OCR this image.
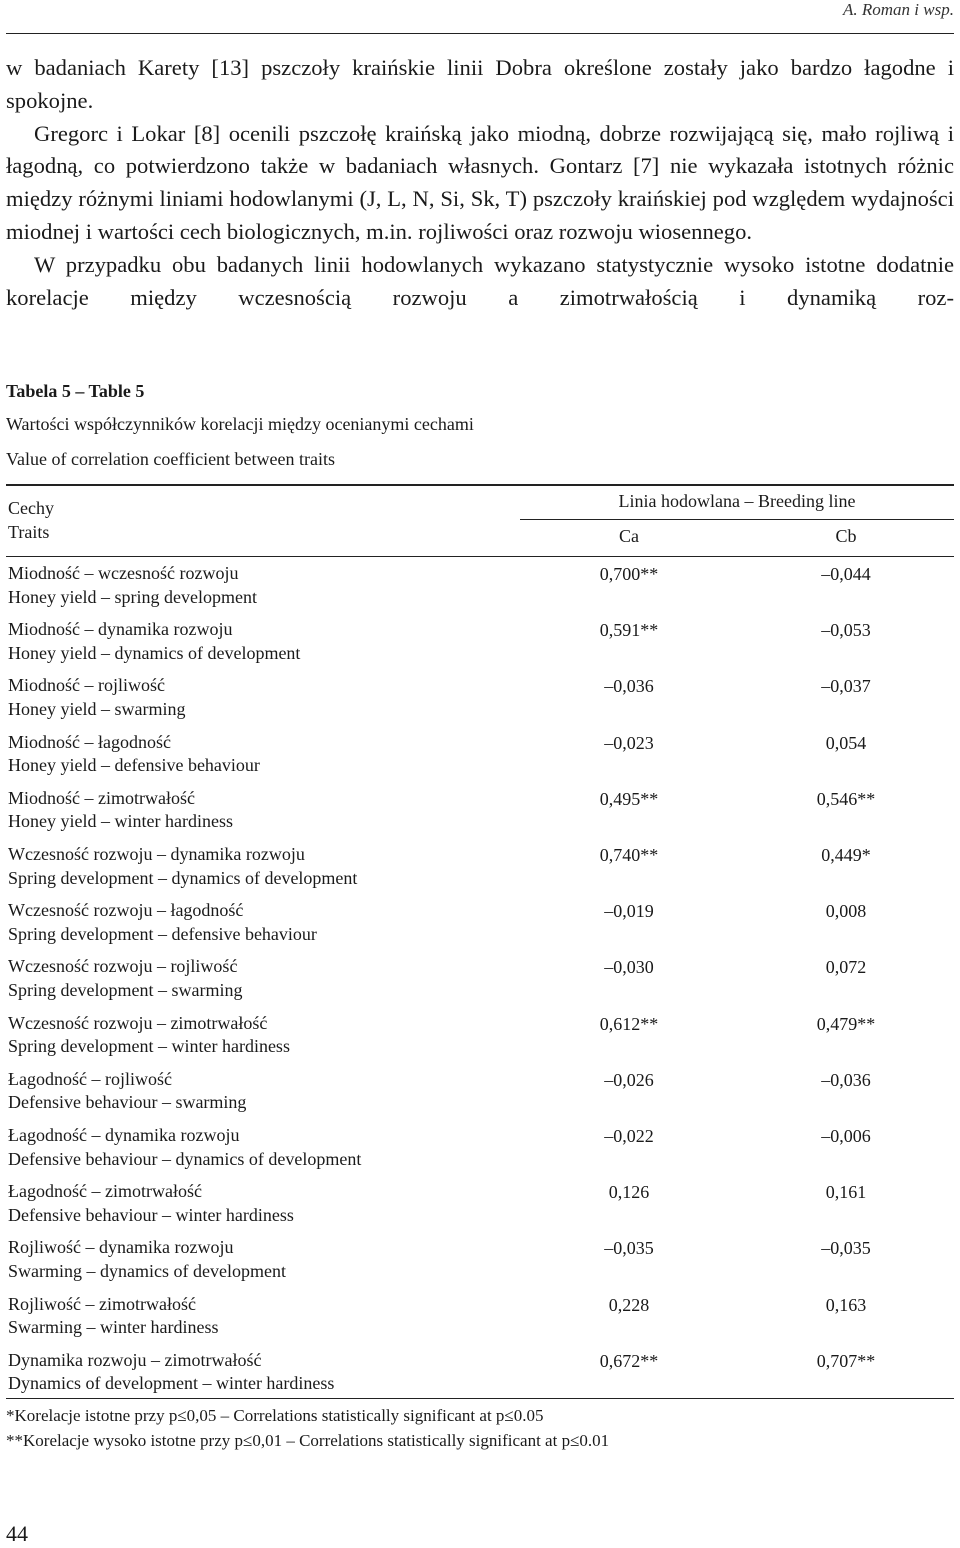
A. Roman i wsp.

w badaniach Karety [13] pszczoły kraińskie linii Dobra określone zostały jako bardzo łagodne i spokojne.

Gregorc i Lokar [8] ocenili pszczołę kraińską jako miodną, dobrze rozwijającą się, mało rojliwą i łagodną, co potwierdzono także w badaniach własnych. Gontarz [7] nie wykazała istotnych różnic między różnymi liniami hodowlanymi (J, L, N, Si, Sk, T) pszczoły kraińskiej pod względem wydajności miodnej i wartości cech biologicznych, m.in. rojliwości oraz rozwoju wiosennego.

W przypadku obu badanych linii hodowlanych wykazano statystycznie wysoko istotne dodatnie korelacje między wczesnością rozwoju a zimotrwałością i dynamiką roz-

Tabela 5 – Table 5
Wartości współczynników korelacji między ocenianymi cechami
Value of correlation coefficient between traits
Cechy
Traits
Linia hodowlana – Breeding line
Ca	Cb
Miodność – wczesność rozwoju
Honey yield – spring development
0,700**	–0,044
Miodność – dynamika rozwoju
Honey yield – dynamics of development
0,591**	–0,053
Miodność – rojliwość
Honey yield – swarming
–0,036	–0,037
Miodność – łagodność
Honey yield – defensive behaviour
–0,023	0,054
Miodność – zimotrwałość
Honey yield – winter hardiness
0,495**	0,546**
Wczesność rozwoju – dynamika rozwoju
Spring development – dynamics of development
0,740**	0,449*
Wczesność rozwoju – łagodność
Spring development – defensive behaviour
–0,019	0,008
Wczesność rozwoju – rojliwość
Spring development – swarming
–0,030	0,072
Wczesność rozwoju – zimotrwałość
Spring development – winter hardiness
0,612**	0,479**
Łagodność – rojliwość
Defensive behaviour – swarming
–0,026	–0,036
Łagodność – dynamika rozwoju
Defensive behaviour – dynamics of development
–0,022	–0,006
Łagodność – zimotrwałość
Defensive behaviour – winter hardiness
0,126	0,161
Rojliwość – dynamika rozwoju
Swarming – dynamics of development
–0,035	–0,035
Rojliwość – zimotrwałość
Swarming – winter hardiness
0,228	0,163
Dynamika rozwoju – zimotrwałość
Dynamics of development – winter hardiness
0,672**	0,707**
*Korelacje istotne przy p≤0,05 – Correlations statistically significant at p≤0.05
**Korelacje wysoko istotne przy p≤0,01 – Correlations statistically significant at p≤0.01
44
